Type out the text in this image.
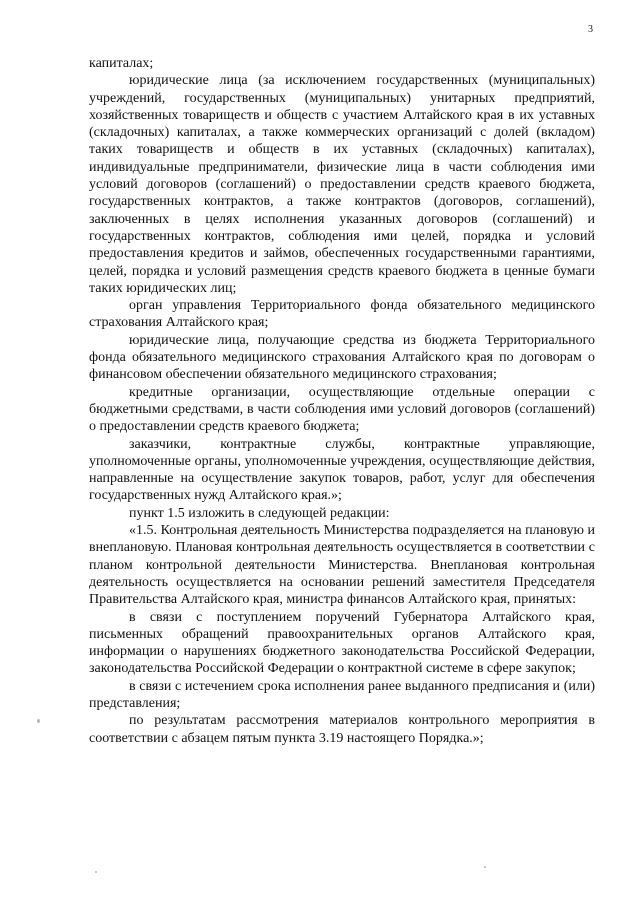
3

капиталах;

юридические лица (за исключением государственных (муниципальных) учреждений, государственных (муниципальных) унитарных предприятий, хозяйственных товариществ и обществ с участием Алтайского края в их уставных (складочных) капиталах, а также коммерческих организаций с долей (вкладом) таких товариществ и обществ в их уставных (складочных) капиталах), индивидуальные предприниматели, физические лица в части соблюдения ими условий договоров (соглашений) о предоставлении средств краевого бюджета, государственных контрактов, а также контрактов (договоров, соглашений), заключенных в целях исполнения указанных договоров (соглашений) и государственных контрактов, соблюдения ими целей, порядка и условий предоставления кредитов и займов, обеспеченных государственными гарантиями, целей, порядка и условий размещения средств краевого бюджета в ценные бумаги таких юридических лиц;

орган управления Территориального фонда обязательного медицинского страхования Алтайского края;

юридические лица, получающие средства из бюджета Территориального фонда обязательного медицинского страхования Алтайского края по договорам о финансовом обеспечении обязательного медицинского страхования;

кредитные организации, осуществляющие отдельные операции с бюджетными средствами, в части соблюдения ими условий договоров (соглашений) о предоставлении средств краевого бюджета;

заказчики, контрактные службы, контрактные управляющие, уполномоченные органы, уполномоченные учреждения, осуществляющие действия, направленные на осуществление закупок товаров, работ, услуг для обеспечения государственных нужд Алтайского края.»;

пункт 1.5 изложить в следующей редакции:

«1.5. Контрольная деятельность Министерства подразделяется на плановую и внеплановую. Плановая контрольная деятельность осуществляется в соответствии с планом контрольной деятельности Министерства. Внеплановая контрольная деятельность осуществляется на основании решений заместителя Председателя Правительства Алтайского края, министра финансов Алтайского края, принятых:

в связи с поступлением поручений Губернатора Алтайского края, письменных обращений правоохранительных органов Алтайского края, информации о нарушениях бюджетного законодательства Российской Федерации, законодательства Российской Федерации о контрактной системе в сфере закупок;

в связи с истечением срока исполнения ранее выданного предписания и (или) представления;

по результатам рассмотрения материалов контрольного мероприятия в соответствии с абзацем пятым пункта 3.19 настоящего Порядка.»;
